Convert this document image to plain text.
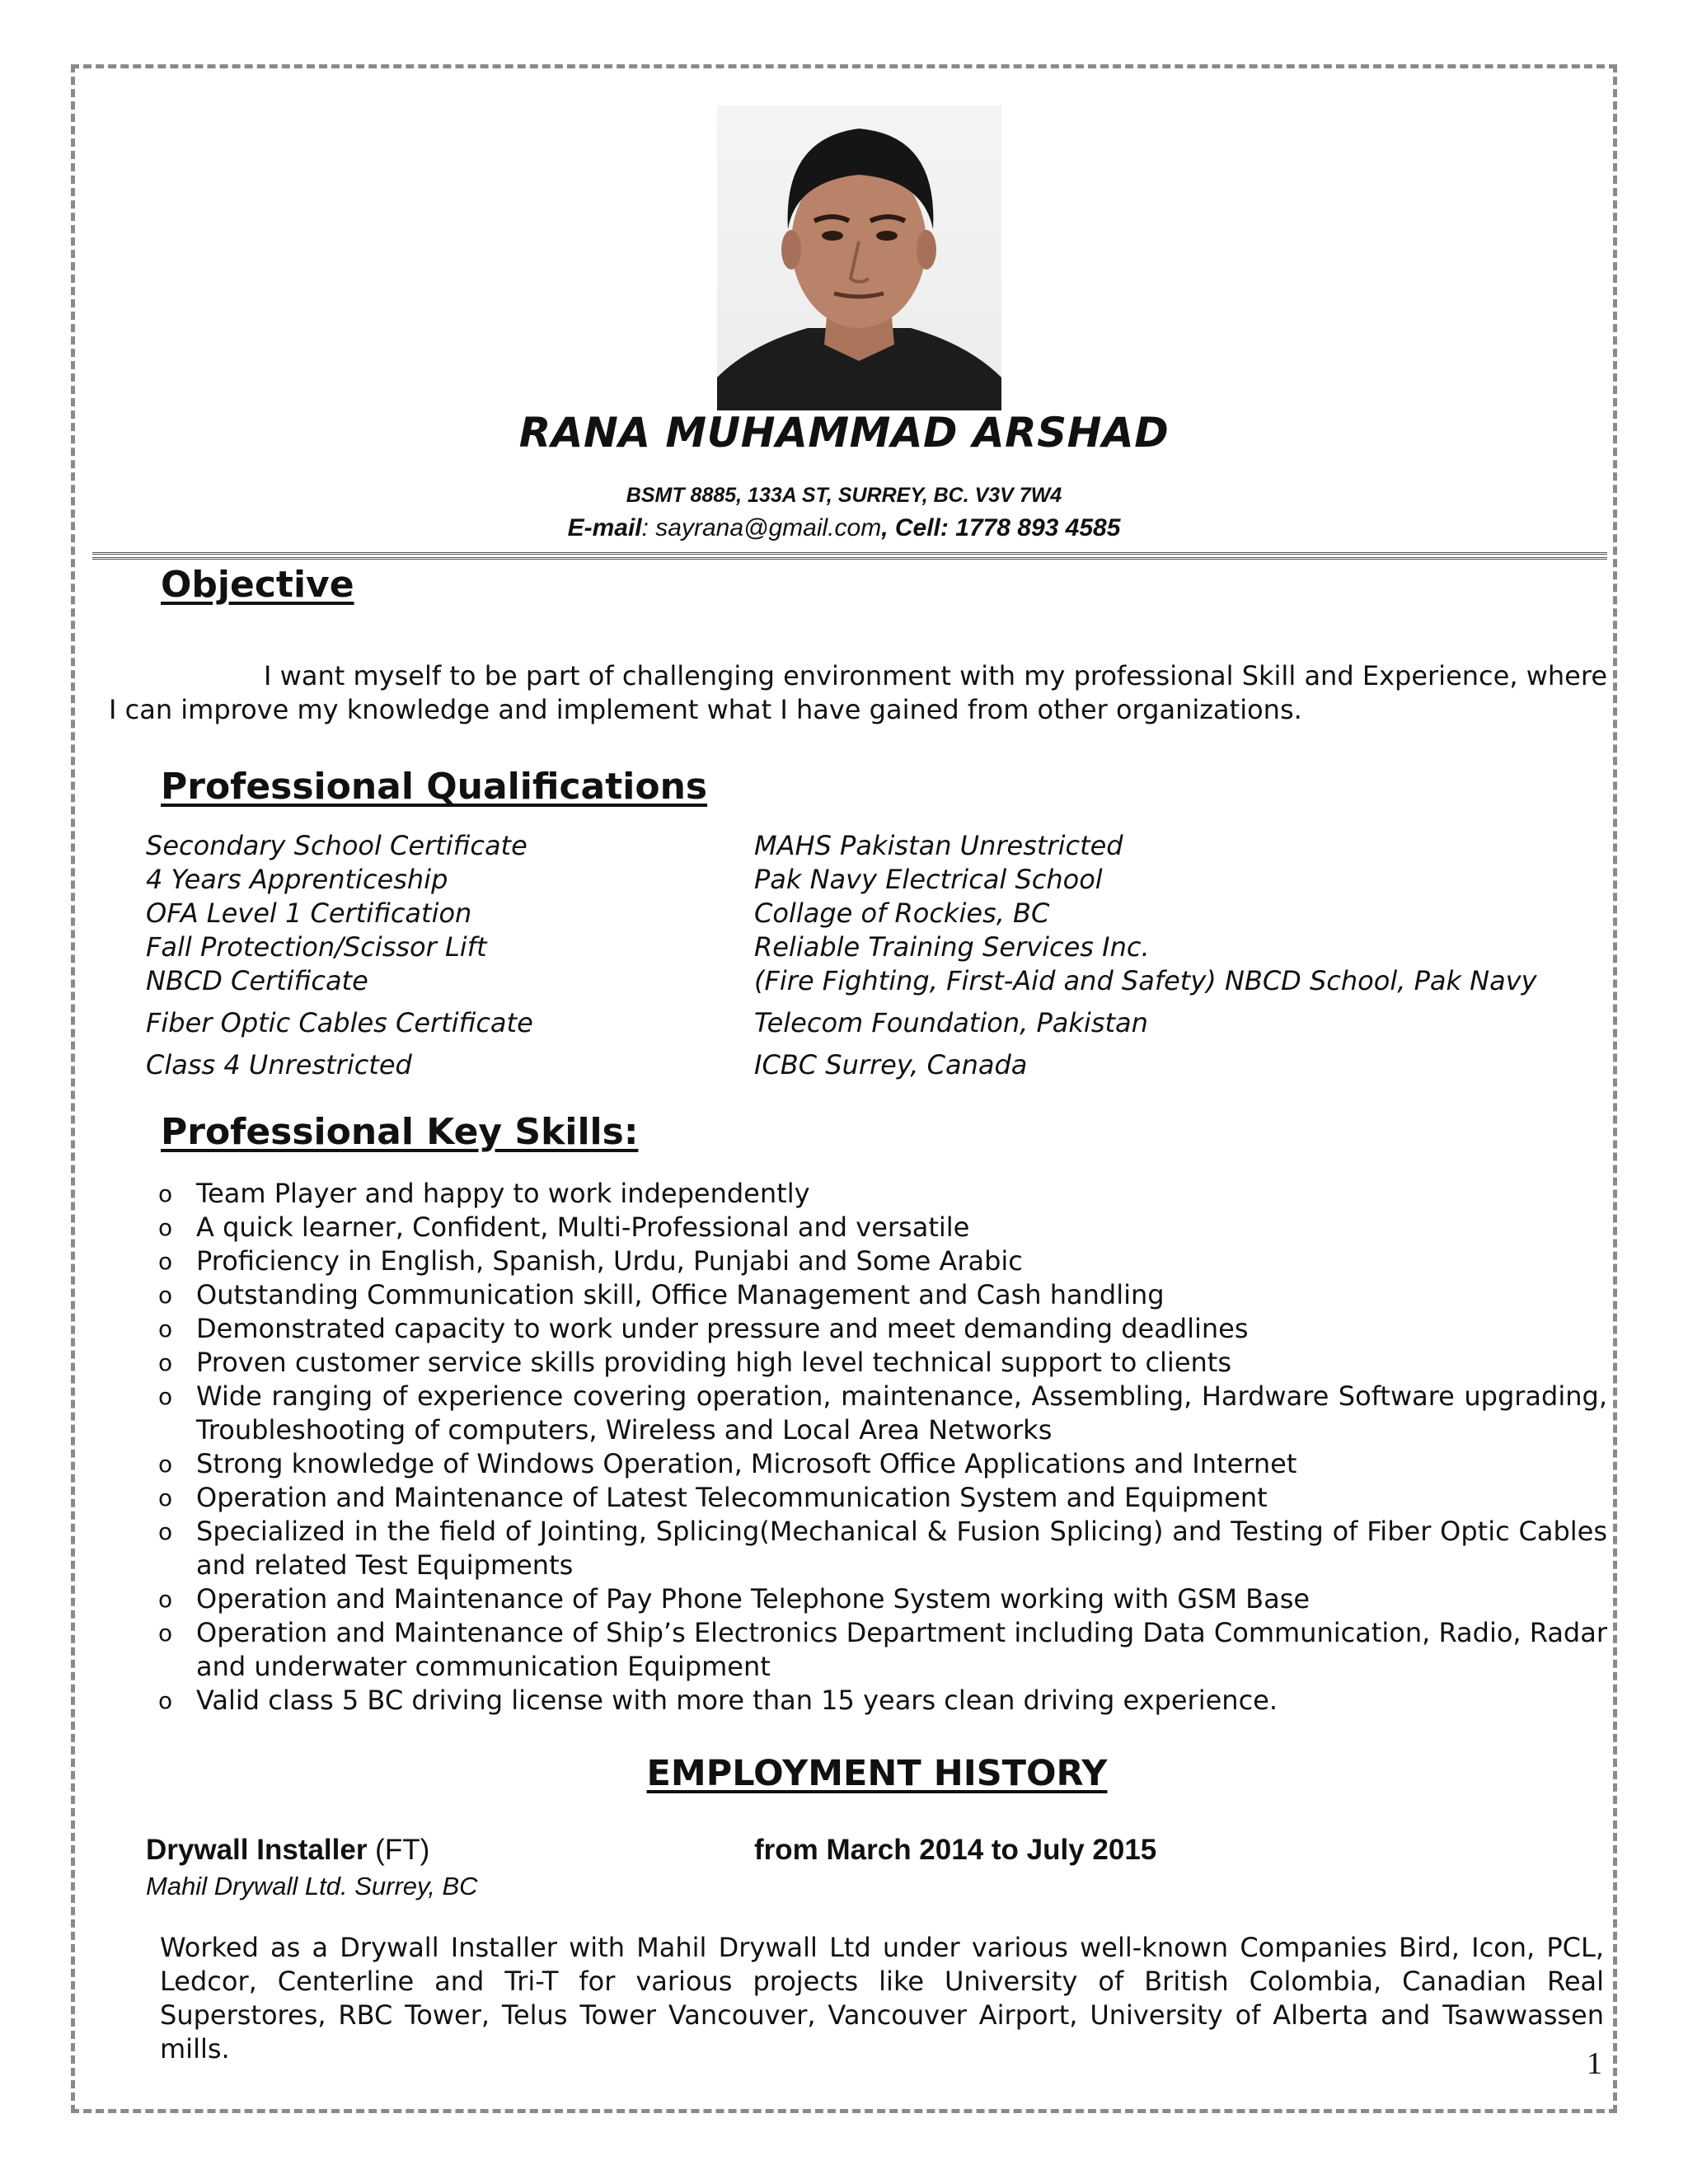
RANA MUHAMMAD ARSHAD
BSMT 8885, 133A ST, SURREY, BC. V3V 7W4
E-mail: sayrana@gmail.com, Cell: 1778 893 4585
Objective
I want myself to be part of challenging environment with my professional Skill and Experience, where I can improve my knowledge and implement what I have gained from other organizations.
Professional Qualifications
Secondary School Certificate	MAHS Pakistan Unrestricted
4 Years Apprenticeship	Pak Navy Electrical School
OFA Level 1 Certification	Collage of Rockies, BC
Fall Protection/Scissor Lift	Reliable Training Services Inc.
NBCD Certificate	(Fire Fighting, First-Aid and Safety) NBCD School, Pak Navy
Fiber Optic Cables Certificate	Telecom Foundation, Pakistan
Class 4 Unrestricted	ICBC Surrey, Canada
Professional Key Skills:
o Team Player and happy to work independently
o A quick learner, Confident, Multi-Professional and versatile
o Proficiency in English, Spanish, Urdu, Punjabi and Some Arabic
o Outstanding Communication skill, Office Management and Cash handling
o Demonstrated capacity to work under pressure and meet demanding deadlines
o Proven customer service skills providing high level technical support to clients
o Wide ranging of experience covering operation, maintenance, Assembling, Hardware Software upgrading, Troubleshooting of computers, Wireless and Local Area Networks
o Strong knowledge of Windows Operation, Microsoft Office Applications and Internet
o Operation and Maintenance of Latest Telecommunication System and Equipment
o Specialized in the field of Jointing, Splicing(Mechanical & Fusion Splicing) and Testing of Fiber Optic Cables and related Test Equipments
o Operation and Maintenance of Pay Phone Telephone System working with GSM Base
o Operation and Maintenance of Ship’s Electronics Department including Data Communication, Radio, Radar and underwater communication Equipment
o Valid class 5 BC driving license with more than 15 years clean driving experience.
EMPLOYMENT HISTORY
Drywall Installer (FT)	from March 2014 to July 2015
Mahil Drywall Ltd. Surrey, BC
Worked as a Drywall Installer with Mahil Drywall Ltd under various well-known Companies Bird, Icon, PCL, Ledcor, Centerline and Tri-T for various projects like University of British Colombia, Canadian Real Superstores, RBC Tower, Telus Tower Vancouver, Vancouver Airport, University of Alberta and Tsawwassen mills.	1
